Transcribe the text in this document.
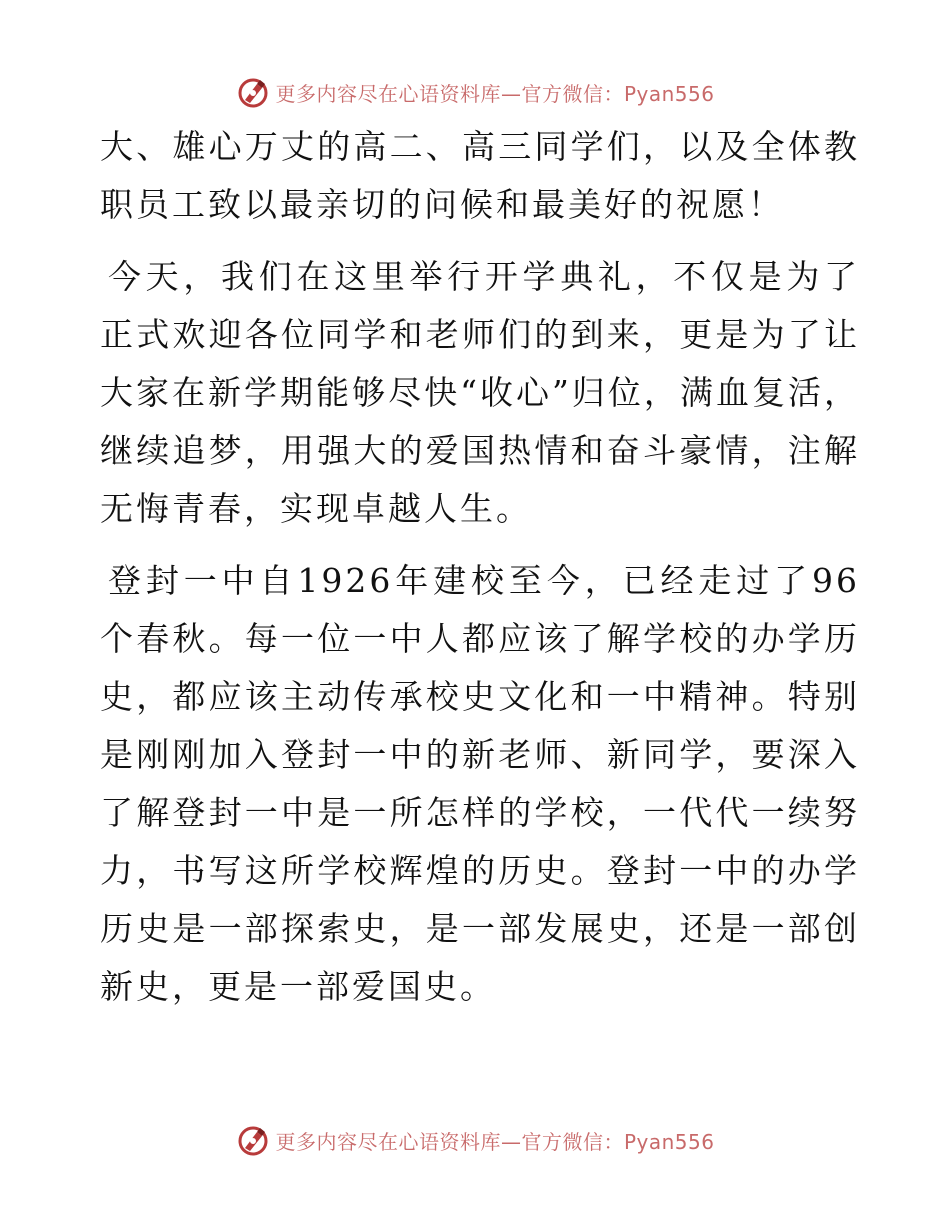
更多内容尽在心语资料库—官方微信：Pyan556

大、雄心万丈的高二、高三同学们，以及全体教职员工致以最亲切的问候和最美好的祝愿！

今天，我们在这里举行开学典礼，不仅是为了正式欢迎各位同学和老师们的到来，更是为了让大家在新学期能够尽快“收心”归位，满血复活，继续追梦，用强大的爱国热情和奋斗豪情，注解无悔青春，实现卓越人生。

登封一中自1926年建校至今，已经走过了96个春秋。每一位一中人都应该了解学校的办学历史，都应该主动传承校史文化和一中精神。特别是刚刚加入登封一中的新老师、新同学，要深入了解登封一中是一所怎样的学校，一代代一续努力，书写这所学校辉煌的历史。登封一中的办学历史是一部探索史，是一部发展史，还是一部创新史，更是一部爱国史。

更多内容尽在心语资料库—官方微信：Pyan556
